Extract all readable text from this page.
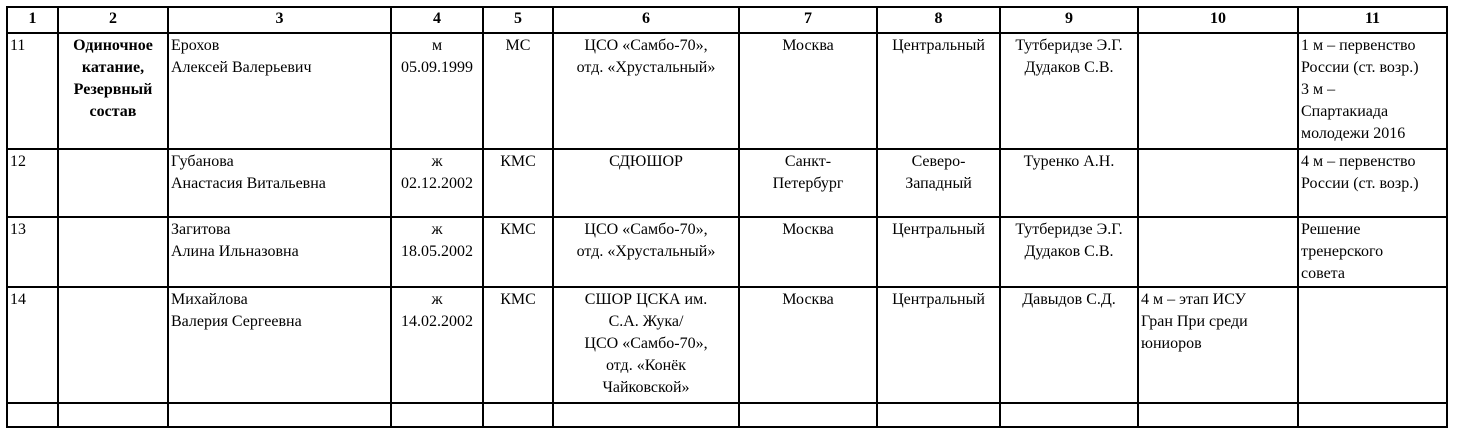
1	2	3	4	5	6	7	8	9	10	11
11	Одиночное
катание,
Резервный
состав	Ерохов
Алексей Валерьевич	м
05.09.1999	МС	ЦСО «Самбо-70»,
отд. «Хрустальный»	Москва	Центральный	Тутберидзе Э.Г.
Дудаков С.В.		1 м – первенство
России (ст. возр.)
3 м –
Спартакиада
молодежи 2016

12		Губанова
Анастасия Витальевна	ж
02.12.2002	КМС	СДЮШОР	Санкт-
Петербург	Северо-
Западный	Туренко А.Н.		4 м – первенство
России (ст. возр.)

13		Загитова
Алина Ильназовна	ж
18.05.2002	КМС	ЦСО «Самбо-70»,
отд. «Хрустальный»	Москва	Центральный	Тутберидзе Э.Г.
Дудаков С.В.		Решение
тренерского
совета

14		Михайлова
Валерия Сергеевна	ж
14.02.2002	КМС	СШОР ЦСКА им.
С.А. Жука/
ЦСО «Самбо-70»,
отд. «Конёк
Чайковской»	Москва	Центральный	Давыдов С.Д.	4 м – этап ИСУ
Гран При среди
юниоров	
